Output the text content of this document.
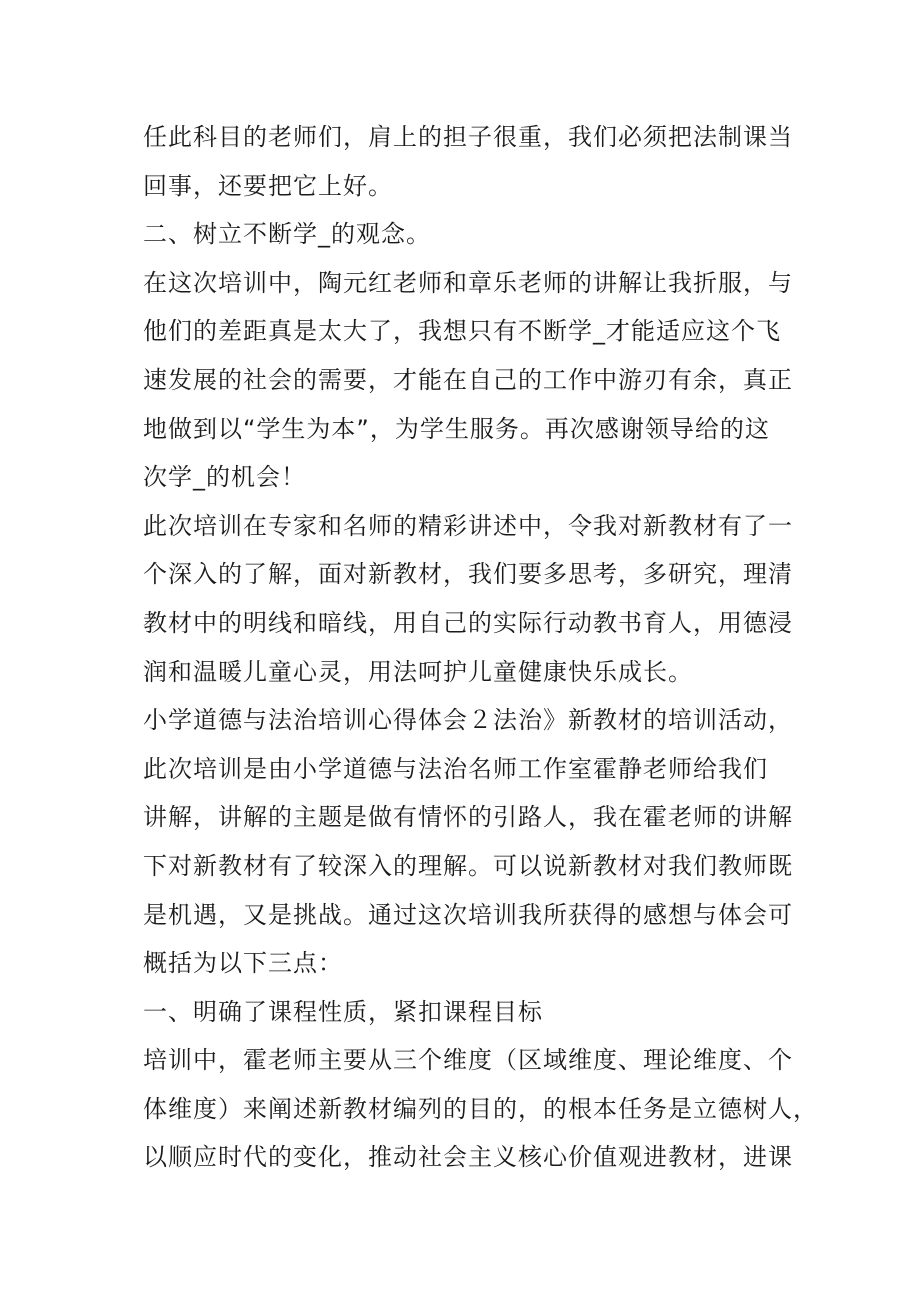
任此科目的老师们，肩上的担子很重，我们必须把法制课当
回事，还要把它上好。
二、树立不断学_的观念。
在这次培训中，陶元红老师和章乐老师的讲解让我折服，与
他们的差距真是太大了，我想只有不断学_才能适应这个飞
速发展的社会的需要，才能在自己的工作中游刃有余，真正
地做到以“学生为本”，为学生服务。再次感谢领导给的这
次学_的机会！
此次培训在专家和名师的精彩讲述中，令我对新教材有了一
个深入的了解，面对新教材，我们要多思考，多研究，理清
教材中的明线和暗线，用自己的实际行动教书育人，用德浸
润和温暖儿童心灵，用法呵护儿童健康快乐成长。
小学道德与法治培训心得体会２法治》新教材的培训活动，
此次培训是由小学道德与法治名师工作室霍静老师给我们
讲解，讲解的主题是做有情怀的引路人，我在霍老师的讲解
下对新教材有了较深入的理解。可以说新教材对我们教师既
是机遇，又是挑战。通过这次培训我所获得的感想与体会可
概括为以下三点：
一、明确了课程性质，紧扣课程目标
培训中，霍老师主要从三个维度（区域维度、理论维度、个
体维度）来阐述新教材编列的目的，的根本任务是立德树人，
以顺应时代的变化，推动社会主义核心价值观进教材，进课
